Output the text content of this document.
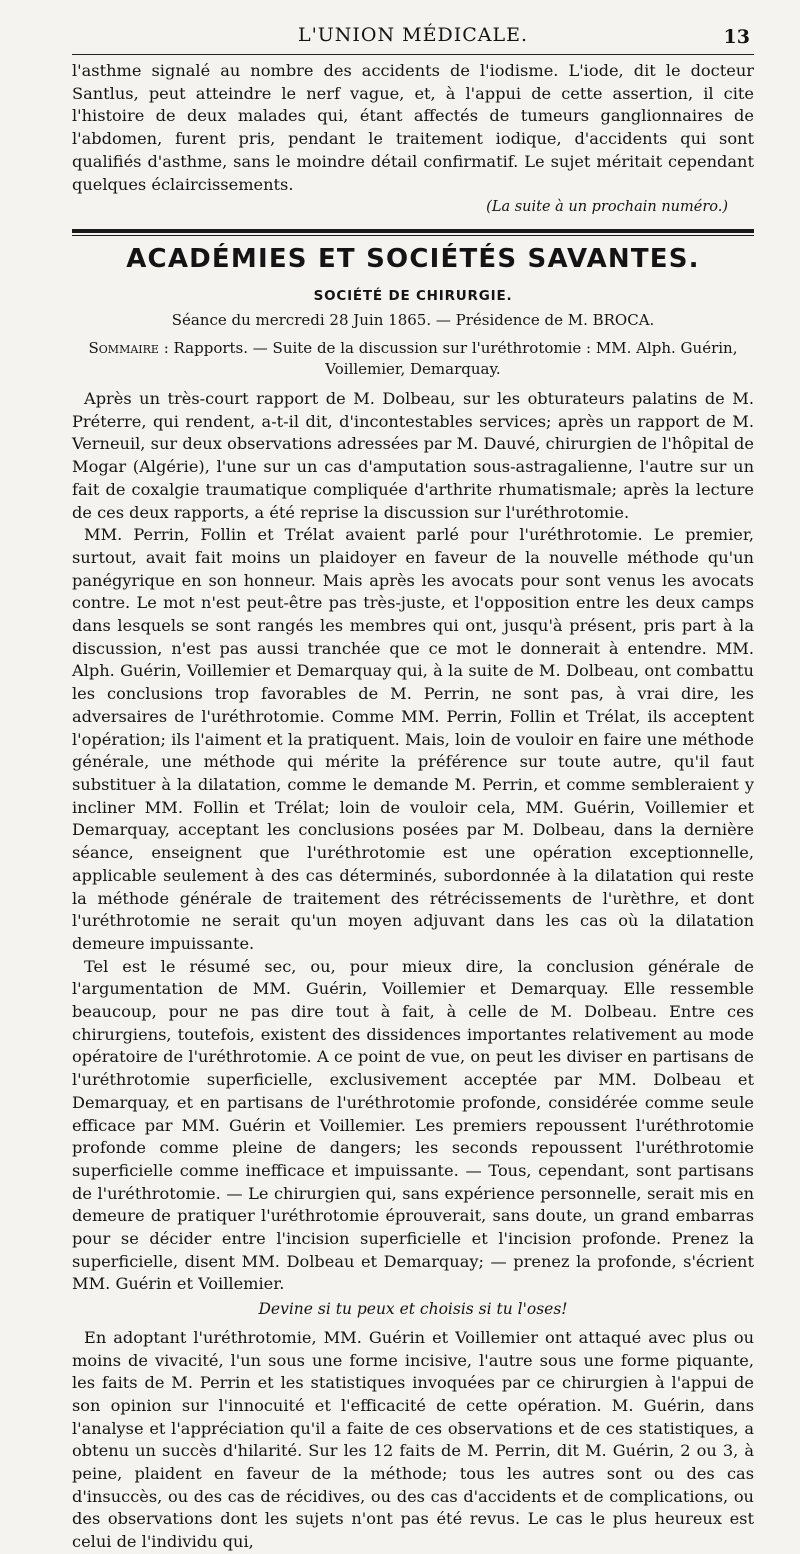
L'UNION MÉDICALE.	13

l'asthme signalé au nombre des accidents de l'iodisme. L'iode, dit le docteur Santlus, peut atteindre le nerf vague, et, à l'appui de cette assertion, il cite l'histoire de deux malades qui, étant affectés de tumeurs ganglionnaires de l'abdomen, furent pris, pendant le traitement iodique, d'accidents qui sont qualifiés d'asthme, sans le moindre détail confirmatif. Le sujet méritait cependant quelques éclaircissements.

(La suite à un prochain numéro.)

ACADÉMIES ET SOCIÉTÉS SAVANTES.

SOCIÉTÉ DE CHIRURGIE.

Séance du mercredi 28 Juin 1865. — Présidence de M. BROCA.

Sommaire : Rapports. — Suite de la discussion sur l'uréthrotomie : MM. Alph. Guérin, Voillemier, Demarquay.

Après un très-court rapport de M. Dolbeau, sur les obturateurs palatins de M. Préterre, qui rendent, a-t-il dit, d'incontestables services; après un rapport de M. Verneuil, sur deux observations adressées par M. Dauvé, chirurgien de l'hôpital de Mogar (Algérie), l'une sur un cas d'amputation sous-astragalienne, l'autre sur un fait de coxalgie traumatique compliquée d'arthrite rhumatismale; après la lecture de ces deux rapports, a été reprise la discussion sur l'uréthrotomie.

MM. Perrin, Follin et Trélat avaient parlé pour l'uréthrotomie. Le premier, surtout, avait fait moins un plaidoyer en faveur de la nouvelle méthode qu'un panégyrique en son honneur. Mais après les avocats pour sont venus les avocats contre. Le mot n'est peut-être pas très-juste, et l'opposition entre les deux camps dans lesquels se sont rangés les membres qui ont, jusqu'à présent, pris part à la discussion, n'est pas aussi tranchée que ce mot le donnerait à entendre. MM. Alph. Guérin, Voillemier et Demarquay qui, à la suite de M. Dolbeau, ont combattu les conclusions trop favorables de M. Perrin, ne sont pas, à vrai dire, les adversaires de l'uréthrotomie. Comme MM. Perrin, Follin et Trélat, ils acceptent l'opération; ils l'aiment et la pratiquent. Mais, loin de vouloir en faire une méthode générale, une méthode qui mérite la préférence sur toute autre, qu'il faut substituer à la dilatation, comme le demande M. Perrin, et comme sembleraient y incliner MM. Follin et Trélat; loin de vouloir cela, MM. Guérin, Voillemier et Demarquay, acceptant les conclusions posées par M. Dolbeau, dans la dernière séance, enseignent que l'uréthrotomie est une opération exceptionnelle, applicable seulement à des cas déterminés, subordonnée à la dilatation qui reste la méthode générale de traitement des rétrécissements de l'urèthre, et dont l'uréthrotomie ne serait qu'un moyen adjuvant dans les cas où la dilatation demeure impuissante.

Tel est le résumé sec, ou, pour mieux dire, la conclusion générale de l'argumentation de MM. Guérin, Voillemier et Demarquay. Elle ressemble beaucoup, pour ne pas dire tout à fait, à celle de M. Dolbeau. Entre ces chirurgiens, toutefois, existent des dissidences importantes relativement au mode opératoire de l'uréthrotomie. A ce point de vue, on peut les diviser en partisans de l'uréthrotomie superficielle, exclusivement acceptée par MM. Dolbeau et Demarquay, et en partisans de l'uréthrotomie profonde, considérée comme seule efficace par MM. Guérin et Voillemier. Les premiers repoussent l'uréthrotomie profonde comme pleine de dangers; les seconds repoussent l'uréthrotomie superficielle comme inefficace et impuissante. — Tous, cependant, sont partisans de l'uréthrotomie. — Le chirurgien qui, sans expérience personnelle, serait mis en demeure de pratiquer l'uréthrotomie éprouverait, sans doute, un grand embarras pour se décider entre l'incision superficielle et l'incision profonde. Prenez la superficielle, disent MM. Dolbeau et Demarquay; — prenez la profonde, s'écrient MM. Guérin et Voillemier.

Devine si tu peux et choisis si tu l'oses!

En adoptant l'uréthrotomie, MM. Guérin et Voillemier ont attaqué avec plus ou moins de vivacité, l'un sous une forme incisive, l'autre sous une forme piquante, les faits de M. Perrin et les statistiques invoquées par ce chirurgien à l'appui de son opinion sur l'innocuité et l'efficacité de cette opération. M. Guérin, dans l'analyse et l'appréciation qu'il a faite de ces observations et de ces statistiques, a obtenu un succès d'hilarité. Sur les 12 faits de M. Perrin, dit M. Guérin, 2 ou 3, à peine, plaident en faveur de la méthode; tous les autres sont ou des cas d'insuccès, ou des cas de récidives, ou des cas d'accidents et de complications, ou des observations dont les sujets n'ont pas été revus. Le cas le plus heureux est celui de l'individu qui,
